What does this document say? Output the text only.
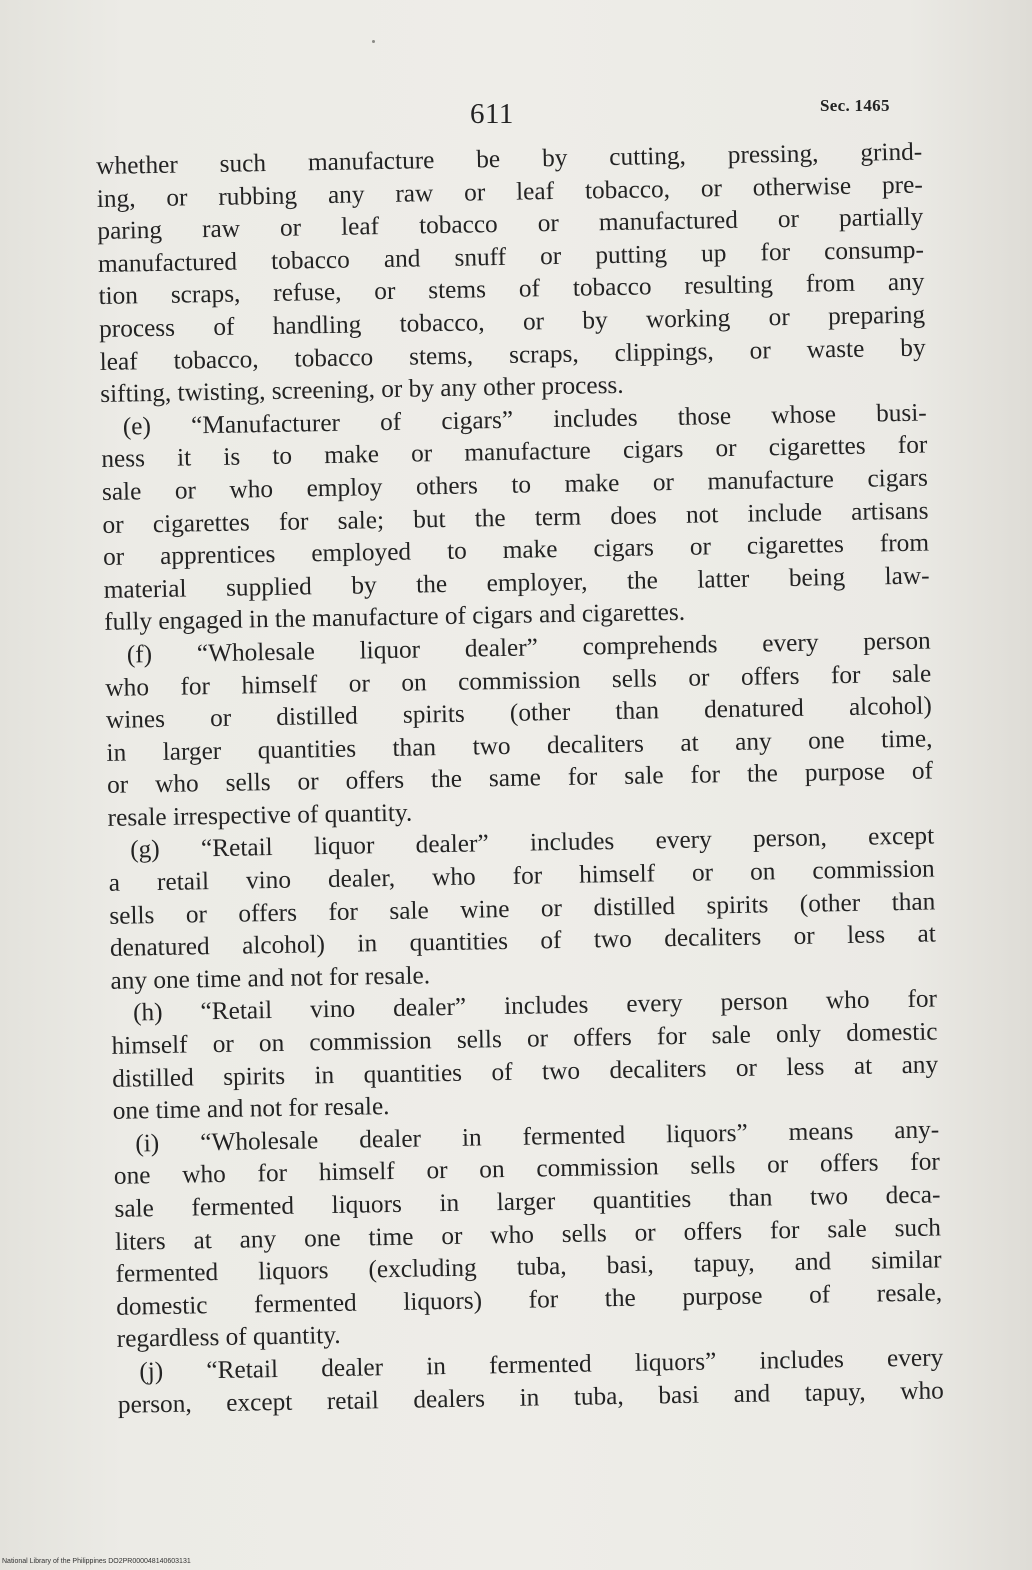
611	Sec. 1465
whether such manufacture be by cutting, pressing, grind-
ing, or rubbing any raw or leaf tobacco, or otherwise pre-
paring raw or leaf tobacco or manufactured or partially
manufactured tobacco and snuff or putting up for consump-
tion scraps, refuse, or stems of tobacco resulting from any
process of handling tobacco, or by working or preparing
leaf tobacco, tobacco stems, scraps, clippings, or waste by
sifting, twisting, screening, or by any other process.
(e) “Manufacturer of cigars” includes those whose busi-
ness it is to make or manufacture cigars or cigarettes for
sale or who employ others to make or manufacture cigars
or cigarettes for sale; but the term does not include artisans
or apprentices employed to make cigars or cigarettes from
material supplied by the employer, the latter being law-
fully engaged in the manufacture of cigars and cigarettes.
(f) “Wholesale liquor dealer” comprehends every person
who for himself or on commission sells or offers for sale
wines or distilled spirits (other than denatured alcohol)
in larger quantities than two decaliters at any one time,
or who sells or offers the same for sale for the purpose of
resale irrespective of quantity.
(g) “Retail liquor dealer” includes every person, except
a retail vino dealer, who for himself or on commission
sells or offers for sale wine or distilled spirits (other than
denatured alcohol) in quantities of two decaliters or less at
any one time and not for resale.
(h) “Retail vino dealer” includes every person who for
himself or on commission sells or offers for sale only domestic
distilled spirits in quantities of two decaliters or less at any
one time and not for resale.
(i) “Wholesale dealer in fermented liquors” means any-
one who for himself or on commission sells or offers for
sale fermented liquors in larger quantities than two deca-
liters at any one time or who sells or offers for sale such
fermented liquors (excluding tuba, basi, tapuy, and similar
domestic fermented liquors) for the purpose of resale,
regardless of quantity.
(j) “Retail dealer in fermented liquors” includes every
person, except retail dealers in tuba, basi and tapuy, who
National Library of the Philippines DO2PR000048140603131
